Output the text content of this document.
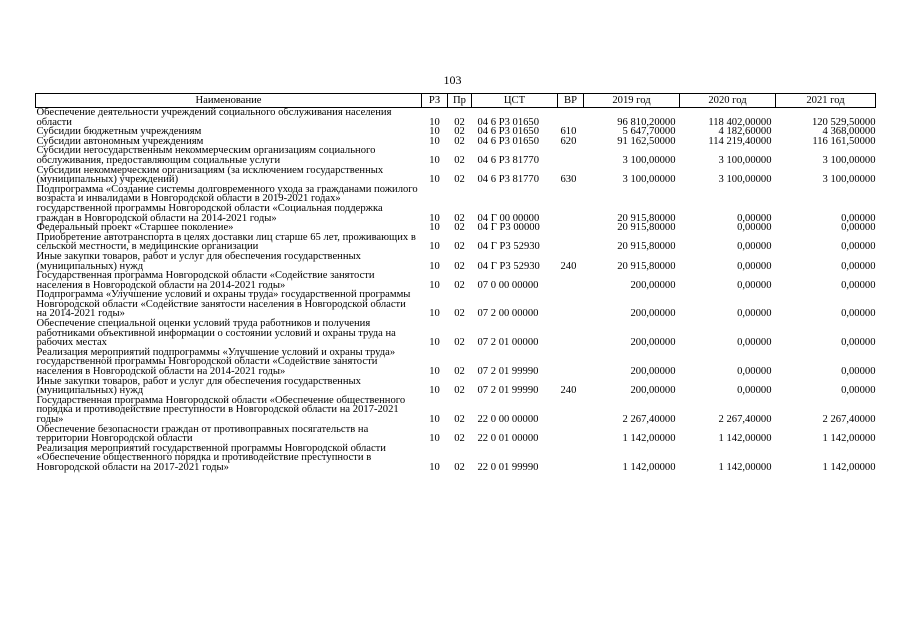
103
Наименование	РЗ	Пр	ЦСТ	ВР	2019 год	2020 год	2021 год
Обеспечение деятельности учреждений социального обслуживания населения области	10	02	04 6 Р3 01650		96 810,20000	118 402,00000	120 529,50000
Субсидии бюджетным учреждениям	10	02	04 6 Р3 01650	610	5 647,70000	4 182,60000	4 368,00000
Субсидии автономным учреждениям	10	02	04 6 Р3 01650	620	91 162,50000	114 219,40000	116 161,50000
Субсидии негосударственным некоммерческим организациям социального обслуживания, предоставляющим социальные услуги	10	02	04 6 Р3 81770		3 100,00000	3 100,00000	3 100,00000
Субсидии некоммерческим организациям (за исключением государственных (муниципальных) учреждений)	10	02	04 6 Р3 81770	630	3 100,00000	3 100,00000	3 100,00000
Подпрограмма «Создание системы долговременного ухода за гражданами пожилого возраста и инвалидами в Новгородской области в 2019-2021 годах» государственной программы Новгородской области «Социальная поддержка граждан в Новгородской области на 2014-2021 годы»	10	02	04 Г 00 00000		20 915,80000	0,00000	0,00000
Федеральный проект «Старшее поколение»	10	02	04 Г Р3 00000		20 915,80000	0,00000	0,00000
Приобретение автотранспорта в целях доставки лиц старше 65 лет, проживающих в сельской местности, в медицинские организации	10	02	04 Г Р3 52930		20 915,80000	0,00000	0,00000
Иные закупки товаров, работ и услуг для обеспечения государственных (муниципальных) нужд	10	02	04 Г Р3 52930	240	20 915,80000	0,00000	0,00000
Государственная программа Новгородской области «Содействие занятости населения в Новгородской области на 2014-2021 годы»	10	02	07 0 00 00000		200,00000	0,00000	0,00000
Подпрограмма «Улучшение условий и охраны труда» государственной программы Новгородской области «Содействие занятости населения в Новгородской области на 2014-2021 годы»	10	02	07 2 00 00000		200,00000	0,00000	0,00000
Обеспечение специальной оценки условий труда работников и получения работниками объективной информации о состоянии условий и охраны труда на рабочих местах	10	02	07 2 01 00000		200,00000	0,00000	0,00000
Реализация мероприятий подпрограммы «Улучшение условий и охраны труда» государственной программы Новгородской области «Содействие занятости населения в Новгородской области на 2014-2021 годы»	10	02	07 2 01 99990		200,00000	0,00000	0,00000
Иные закупки товаров, работ и услуг для обеспечения государственных (муниципальных) нужд	10	02	07 2 01 99990	240	200,00000	0,00000	0,00000
Государственная программа Новгородской области «Обеспечение общественного порядка и противодействие преступности в Новгородской области на 2017-2021 годы»	10	02	22 0 00 00000		2 267,40000	2 267,40000	2 267,40000
Обеспечение безопасности граждан от противоправных посягательств на территории Новгородской области	10	02	22 0 01 00000		1 142,00000	1 142,00000	1 142,00000
Реализация мероприятий государственной программы Новгородской области «Обеспечение общественного порядка и противодействие преступности в Новгородской области на 2017-2021 годы»	10	02	22 0 01 99990		1 142,00000	1 142,00000	1 142,00000
